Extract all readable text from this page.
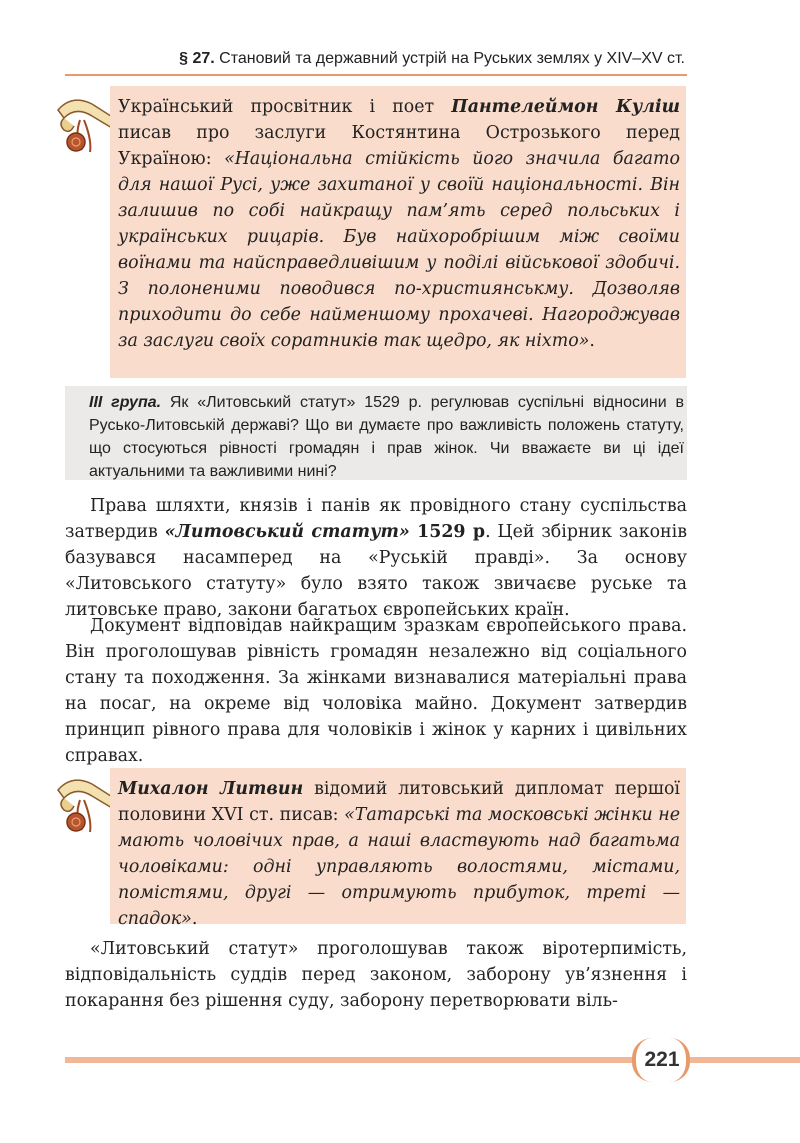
§ 27. Становий та державний устрій на Руських землях у XIV–XV ст.

Український просвітник і поет Пантелеймон Куліш писав про заслуги Костянтина Острозького перед Україною: «Національна стійкість його значила багато для нашої Русі, уже захитаної у своїй національності. Він залишив по собі найкращу пам’ять серед польських і українських рицарів. Був найхоробрішим між своїми воїнами та найсправедливішим у поділі військової здобичі. З полоненими поводився по-християнськму. Дозволяв приходити до себе найменшому прохачеві. Нагороджував за заслуги своїх соратників так щедро, як ніхто».

III група. Як «Литовський статут» 1529 р. регулював суспільні відносини в Русько-Литовській державі? Що ви думаєте про важливість положень статуту, що стосуються рівності громадян і прав жінок. Чи вважаєте ви ці ідеї актуальними та важливими нині?

Права шляхти, князів і панів як провідного стану суспільства затвердив «Литовський статут» 1529 р. Цей збірник законів базувався насамперед на «Руській правді». За основу «Литовського статуту» було взято також звичаєве руське та литовське право, закони багатьох європейських країн.

Документ відповідав найкращим зразкам європейського права. Він проголошував рівність громадян незалежно від соціального стану та походження. За жінками визнавалися матеріальні права на посаг, на окреме від чоловіка майно. Документ затвердив принцип рівного права для чоловіків і жінок у карних і цивільних справах.

Михалон Литвин відомий литовський дипломат першої половини XVI ст. писав: «Татарські та московські жінки не мають чоловічих прав, а наші властвують над багатьма чоловіками: одні управляють волостями, містами, помістями, другі — отримують прибуток, треті — спадок».

«Литовський статут» проголошував також віротерпимість, відповідальність суддів перед законом, заборону ув’язнення і покарання без рішення суду, заборону перетворювати віль-

221
